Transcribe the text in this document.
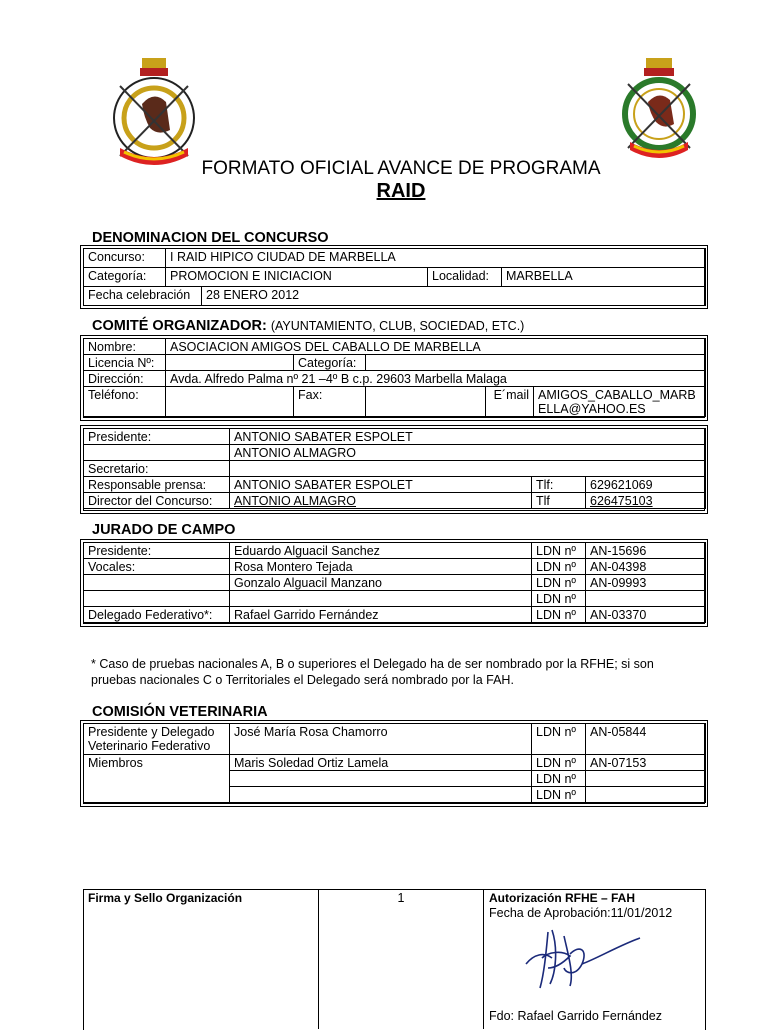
FORMATO OFICIAL AVANCE DE PROGRAMA
RAID
DENOMINACION DEL CONCURSO
Concurso:	I RAID HIPICO CIUDAD DE MARBELLA			
Categoría:	PROMOCION E INICIACION		Localidad:	MARBELLA
Fecha celebración		28 ENERO 2012		
COMITÉ ORGANIZADOR: (AYUNTAMIENTO, CLUB, SOCIEDAD, ETC.)
Nombre:	ASOCIACION AMIGOS DEL CABALLO DE MARBELLA				
Licencia Nº:		Categoría:			
Dirección:	Avda. Alfredo Palma nº 21 –4º B c.p. 29603 Marbella Malaga				
Teléfono:		Fax:		E´mail	AMIGOS_CABALLO_MARB
ELLA@YAHOO.ES
Presidente:	ANTONIO SABATER ESPOLET		
	ANTONIO ALMAGRO		
Secretario:			
Responsable prensa:	ANTONIO SABATER ESPOLET	Tlf:	629621069
Director del Concurso:	ANTONIO ALMAGRO	Tlf	626475103
JURADO DE CAMPO
Presidente:	Eduardo Alguacil Sanchez	LDN nº	AN-15696
Vocales:	Rosa Montero Tejada	LDN nº	AN-04398
	Gonzalo Alguacil Manzano	LDN nº	AN-09993
		LDN nº	
Delegado Federativo*:	Rafael Garrido Fernández	LDN nº	AN-03370
* Caso de pruebas nacionales A, B o superiores el Delegado ha de ser nombrado por la RFHE; si son
pruebas nacionales C o Territoriales el Delegado será nombrado por la FAH.
COMISIÓN VETERINARIA
Presidente y Delegado
Veterinario Federativo	José María Rosa Chamorro	LDN nº	AN-05844
Miembros	Maris Soledad Ortiz Lamela	LDN nº	AN-07153
		LDN nº	
		LDN nº	
Firma y Sello Organización	1	Autorización RFHE – FAH
Fecha de Aprobación:11/01/2012
Fdo: Rafael Garrido Fernández
